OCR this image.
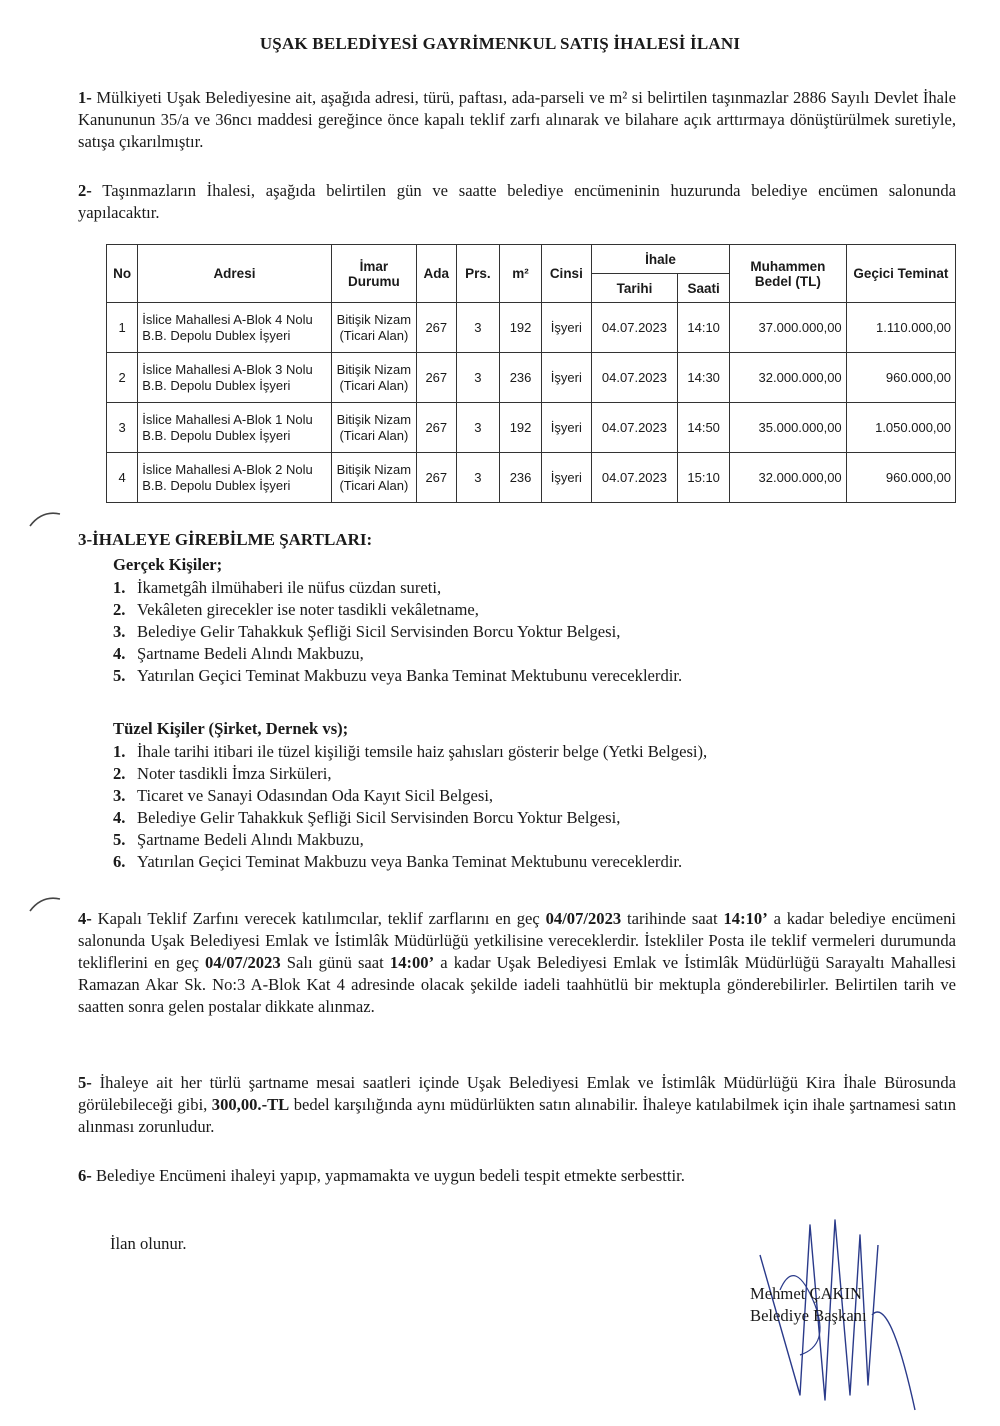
UŞAK BELEDİYESİ GAYRİMENKUL SATIŞ İHALESİ İLANI
1- Mülkiyeti Uşak Belediyesine ait, aşağıda adresi, türü, paftası, ada-parseli ve m² si belirtilen taşınmazlar 2886 Sayılı Devlet İhale Kanununun 35/a ve 36ncı maddesi gereğince önce kapalı teklif zarfı alınarak ve bilahare açık arttırmaya dönüştürülmek suretiyle, satışa çıkarılmıştır.
2- Taşınmazların İhalesi, aşağıda belirtilen gün ve saatte belediye encümeninin huzurunda belediye encümen salonunda yapılacaktır.
No	Adresi	İmar Durumu	Ada	Prs.	m²	Cinsi	İhale		Muhammen Bedel (TL)	Geçici Teminat
							Tarihi	Saati		
1	İslice Mahallesi A-Blok 4 Nolu B.B. Depolu Dublex İşyeri	Bitişik Nizam (Ticari Alan)	267	3	192	İşyeri	04.07.2023	14:10	37.000.000,00	1.110.000,00
2	İslice Mahallesi A-Blok 3 Nolu B.B. Depolu Dublex İşyeri	Bitişik Nizam (Ticari Alan)	267	3	236	İşyeri	04.07.2023	14:30	32.000.000,00	960.000,00
3	İslice Mahallesi A-Blok 1 Nolu B.B. Depolu Dublex İşyeri	Bitişik Nizam (Ticari Alan)	267	3	192	İşyeri	04.07.2023	14:50	35.000.000,00	1.050.000,00
4	İslice Mahallesi A-Blok 2 Nolu B.B. Depolu Dublex İşyeri	Bitişik Nizam (Ticari Alan)	267	3	236	İşyeri	04.07.2023	15:10	32.000.000,00	960.000,00
3-İHALEYE GİREBİLME ŞARTLARI:
Gerçek Kişiler;
1. İkametgâh ilmühaberi ile nüfus cüzdan sureti,
2. Vekâleten girecekler ise noter tasdikli vekâletname,
3. Belediye Gelir Tahakkuk Şefliği Sicil Servisinden Borcu Yoktur Belgesi,
4. Şartname Bedeli Alındı Makbuzu,
5. Yatırılan Geçici Teminat Makbuzu veya Banka Teminat Mektubunu vereceklerdir.
Tüzel Kişiler (Şirket, Dernek vs);
1. İhale tarihi itibari ile tüzel kişiliği temsile haiz şahısları gösterir belge (Yetki Belgesi),
2. Noter tasdikli İmza Sirküleri,
3. Ticaret ve Sanayi Odasından Oda Kayıt Sicil Belgesi,
4. Belediye Gelir Tahakkuk Şefliği Sicil Servisinden Borcu Yoktur Belgesi,
5. Şartname Bedeli Alındı Makbuzu,
6. Yatırılan Geçici Teminat Makbuzu veya Banka Teminat Mektubunu vereceklerdir.
4- Kapalı Teklif Zarfını verecek katılımcılar, teklif zarflarını en geç 04/07/2023 tarihinde saat 14:10’ a kadar belediye encümeni salonunda Uşak Belediyesi Emlak ve İstimlâk Müdürlüğü yetkilisine vereceklerdir. İstekliler Posta ile teklif vermeleri durumunda tekliflerini en geç 04/07/2023 Salı günü saat 14:00’ a kadar Uşak Belediyesi Emlak ve İstimlâk Müdürlüğü Sarayaltı Mahallesi Ramazan Akar Sk. No:3 A-Blok Kat 4 adresinde olacak şekilde iadeli taahhütlü bir mektupla gönderebilirler. Belirtilen tarih ve saatten sonra gelen postalar dikkate alınmaz.
5- İhaleye ait her türlü şartname mesai saatleri içinde Uşak Belediyesi Emlak ve İstimlâk Müdürlüğü Kira İhale Bürosunda görülebileceği gibi, 300,00.-TL bedel karşılığında aynı müdürlükten satın alınabilir. İhaleye katılabilmek için ihale şartnamesi satın alınması zorunludur.
6- Belediye Encümeni ihaleyi yapıp, yapmamakta ve uygun bedeli tespit etmekte serbesttir.
İlan olunur.
Mehmet ÇAKIN
Belediye Başkanı
